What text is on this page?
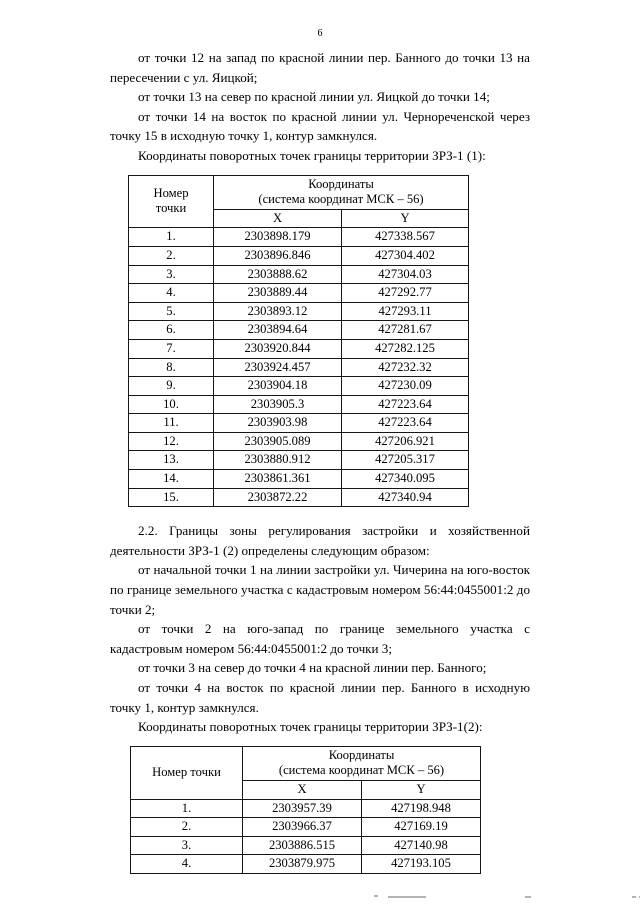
6

от точки 12 на запад по красной линии пер. Банного до точки 13 на пересечении с ул. Яицкой;

от точки 13 на север по красной линии ул. Яицкой до точки 14;

от точки 14 на восток по красной линии ул. Чернореченской через точку 15 в исходную точку 1, контур замкнулся.

Координаты поворотных точек границы территории ЗРЗ-1 (1):

Номер
точки	Координаты
(система координат МСК – 56)	
	X	Y
1.	2303898.179	427338.567
2.	2303896.846	427304.402
3.	2303888.62	427304.03
4.	2303889.44	427292.77
5.	2303893.12	427293.11
6.	2303894.64	427281.67
7.	2303920.844	427282.125
8.	2303924.457	427232.32
9.	2303904.18	427230.09
10.	2303905.3	427223.64
11.	2303903.98	427223.64
12.	2303905.089	427206.921
13.	2303880.912	427205.317
14.	2303861.361	427340.095
15.	2303872.22	427340.94

2.2. Границы зоны регулирования застройки и хозяйственной деятельности ЗРЗ-1 (2) определены следующим образом:

от начальной точки 1 на линии застройки ул. Чичерина на юго-восток по границе земельного участка с кадастровым номером 56:44:0455001:2 до точки 2;

от точки 2 на юго-запад по границе земельного участка с кадастровым номером 56:44:0455001:2 до точки 3;

от точки 3 на север до точки 4 на красной линии пер. Банного;

от точки 4 на восток по красной линии пер. Банного в исходную точку 1, контур замкнулся.

Координаты поворотных точек границы территории ЗРЗ-1(2):

Номер точки	Координаты
(система координат МСК – 56)	
	X	Y
1.	2303957.39	427198.948
2.	2303966.37	427169.19
3.	2303886.515	427140.98
4.	2303879.975	427193.105
